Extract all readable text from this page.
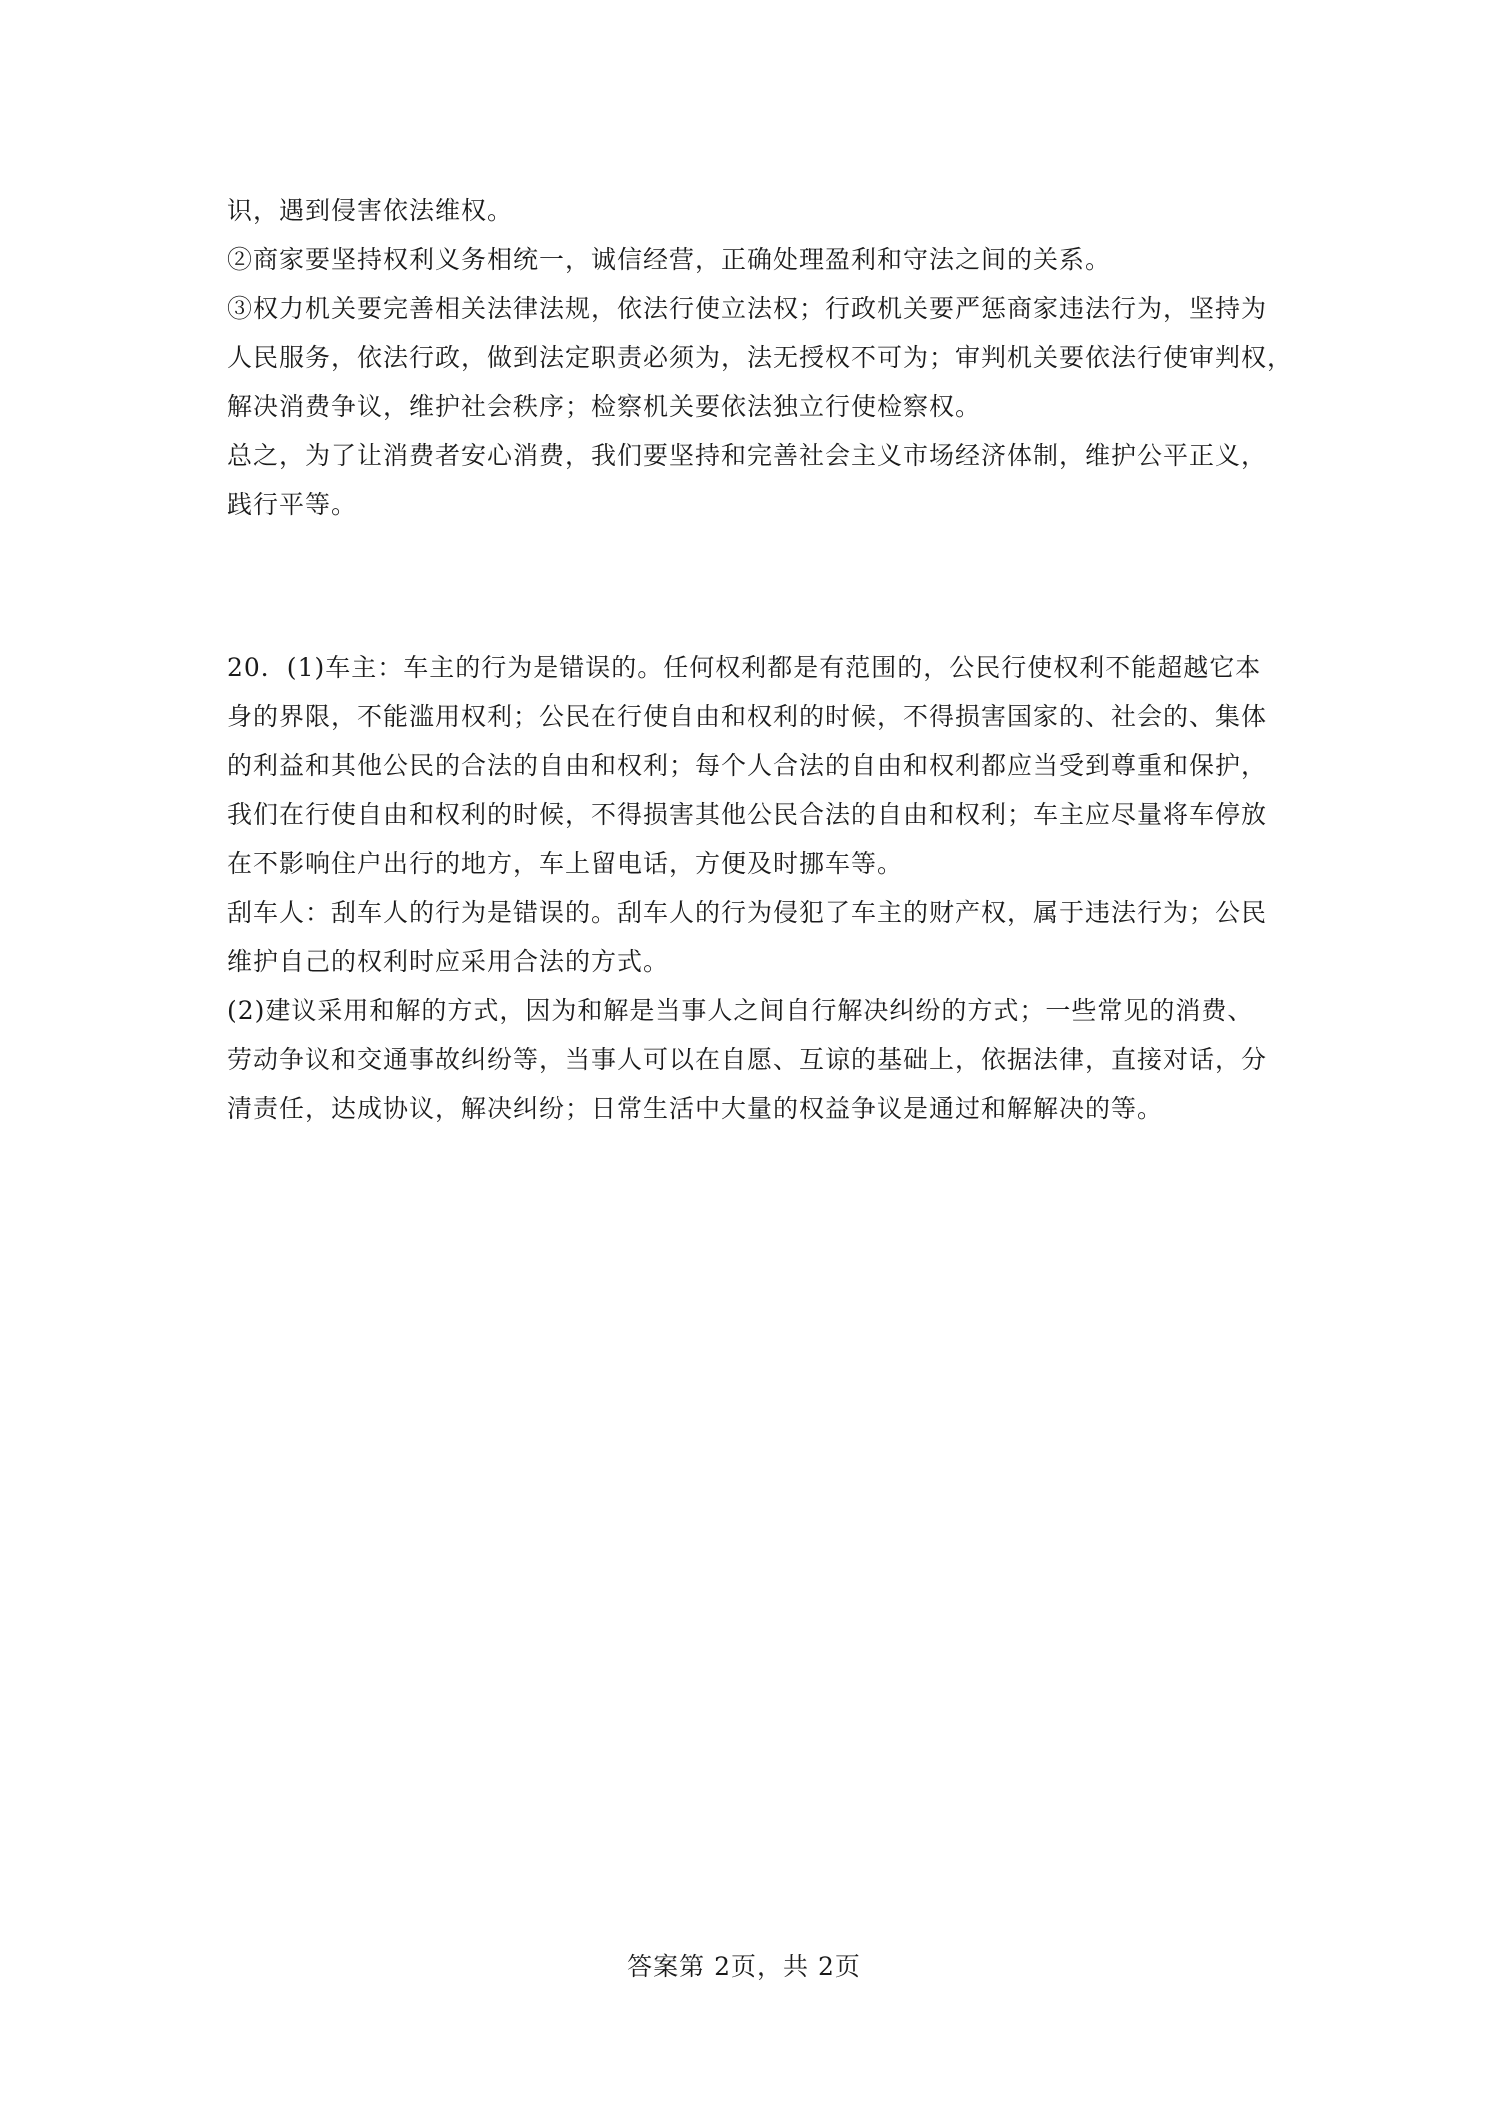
识，遇到侵害依法维权。
②商家要坚持权利义务相统一，诚信经营，正确处理盈利和守法之间的关系。
③权力机关要完善相关法律法规，依法行使立法权；行政机关要严惩商家违法行为，坚持为
人民服务，依法行政，做到法定职责必须为，法无授权不可为；审判机关要依法行使审判权，
解决消费争议，维护社会秩序；检察机关要依法独立行使检察权。
总之，为了让消费者安心消费，我们要坚持和完善社会主义市场经济体制，维护公平正义，
践行平等。
20．(1)车主：车主的行为是错误的。任何权利都是有范围的，公民行使权利不能超越它本
身的界限，不能滥用权利；公民在行使自由和权利的时候，不得损害国家的、社会的、集体
的利益和其他公民的合法的自由和权利；每个人合法的自由和权利都应当受到尊重和保护，
我们在行使自由和权利的时候，不得损害其他公民合法的自由和权利；车主应尽量将车停放
在不影响住户出行的地方，车上留电话，方便及时挪车等。
刮车人：刮车人的行为是错误的。刮车人的行为侵犯了车主的财产权，属于违法行为；公民
维护自己的权利时应采用合法的方式。
(2)建议采用和解的方式，因为和解是当事人之间自行解决纠纷的方式；一些常见的消费、
劳动争议和交通事故纠纷等，当事人可以在自愿、互谅的基础上，依据法律，直接对话，分
清责任，达成协议，解决纠纷；日常生活中大量的权益争议是通过和解解决的等。
答案第 2页，共 2页
